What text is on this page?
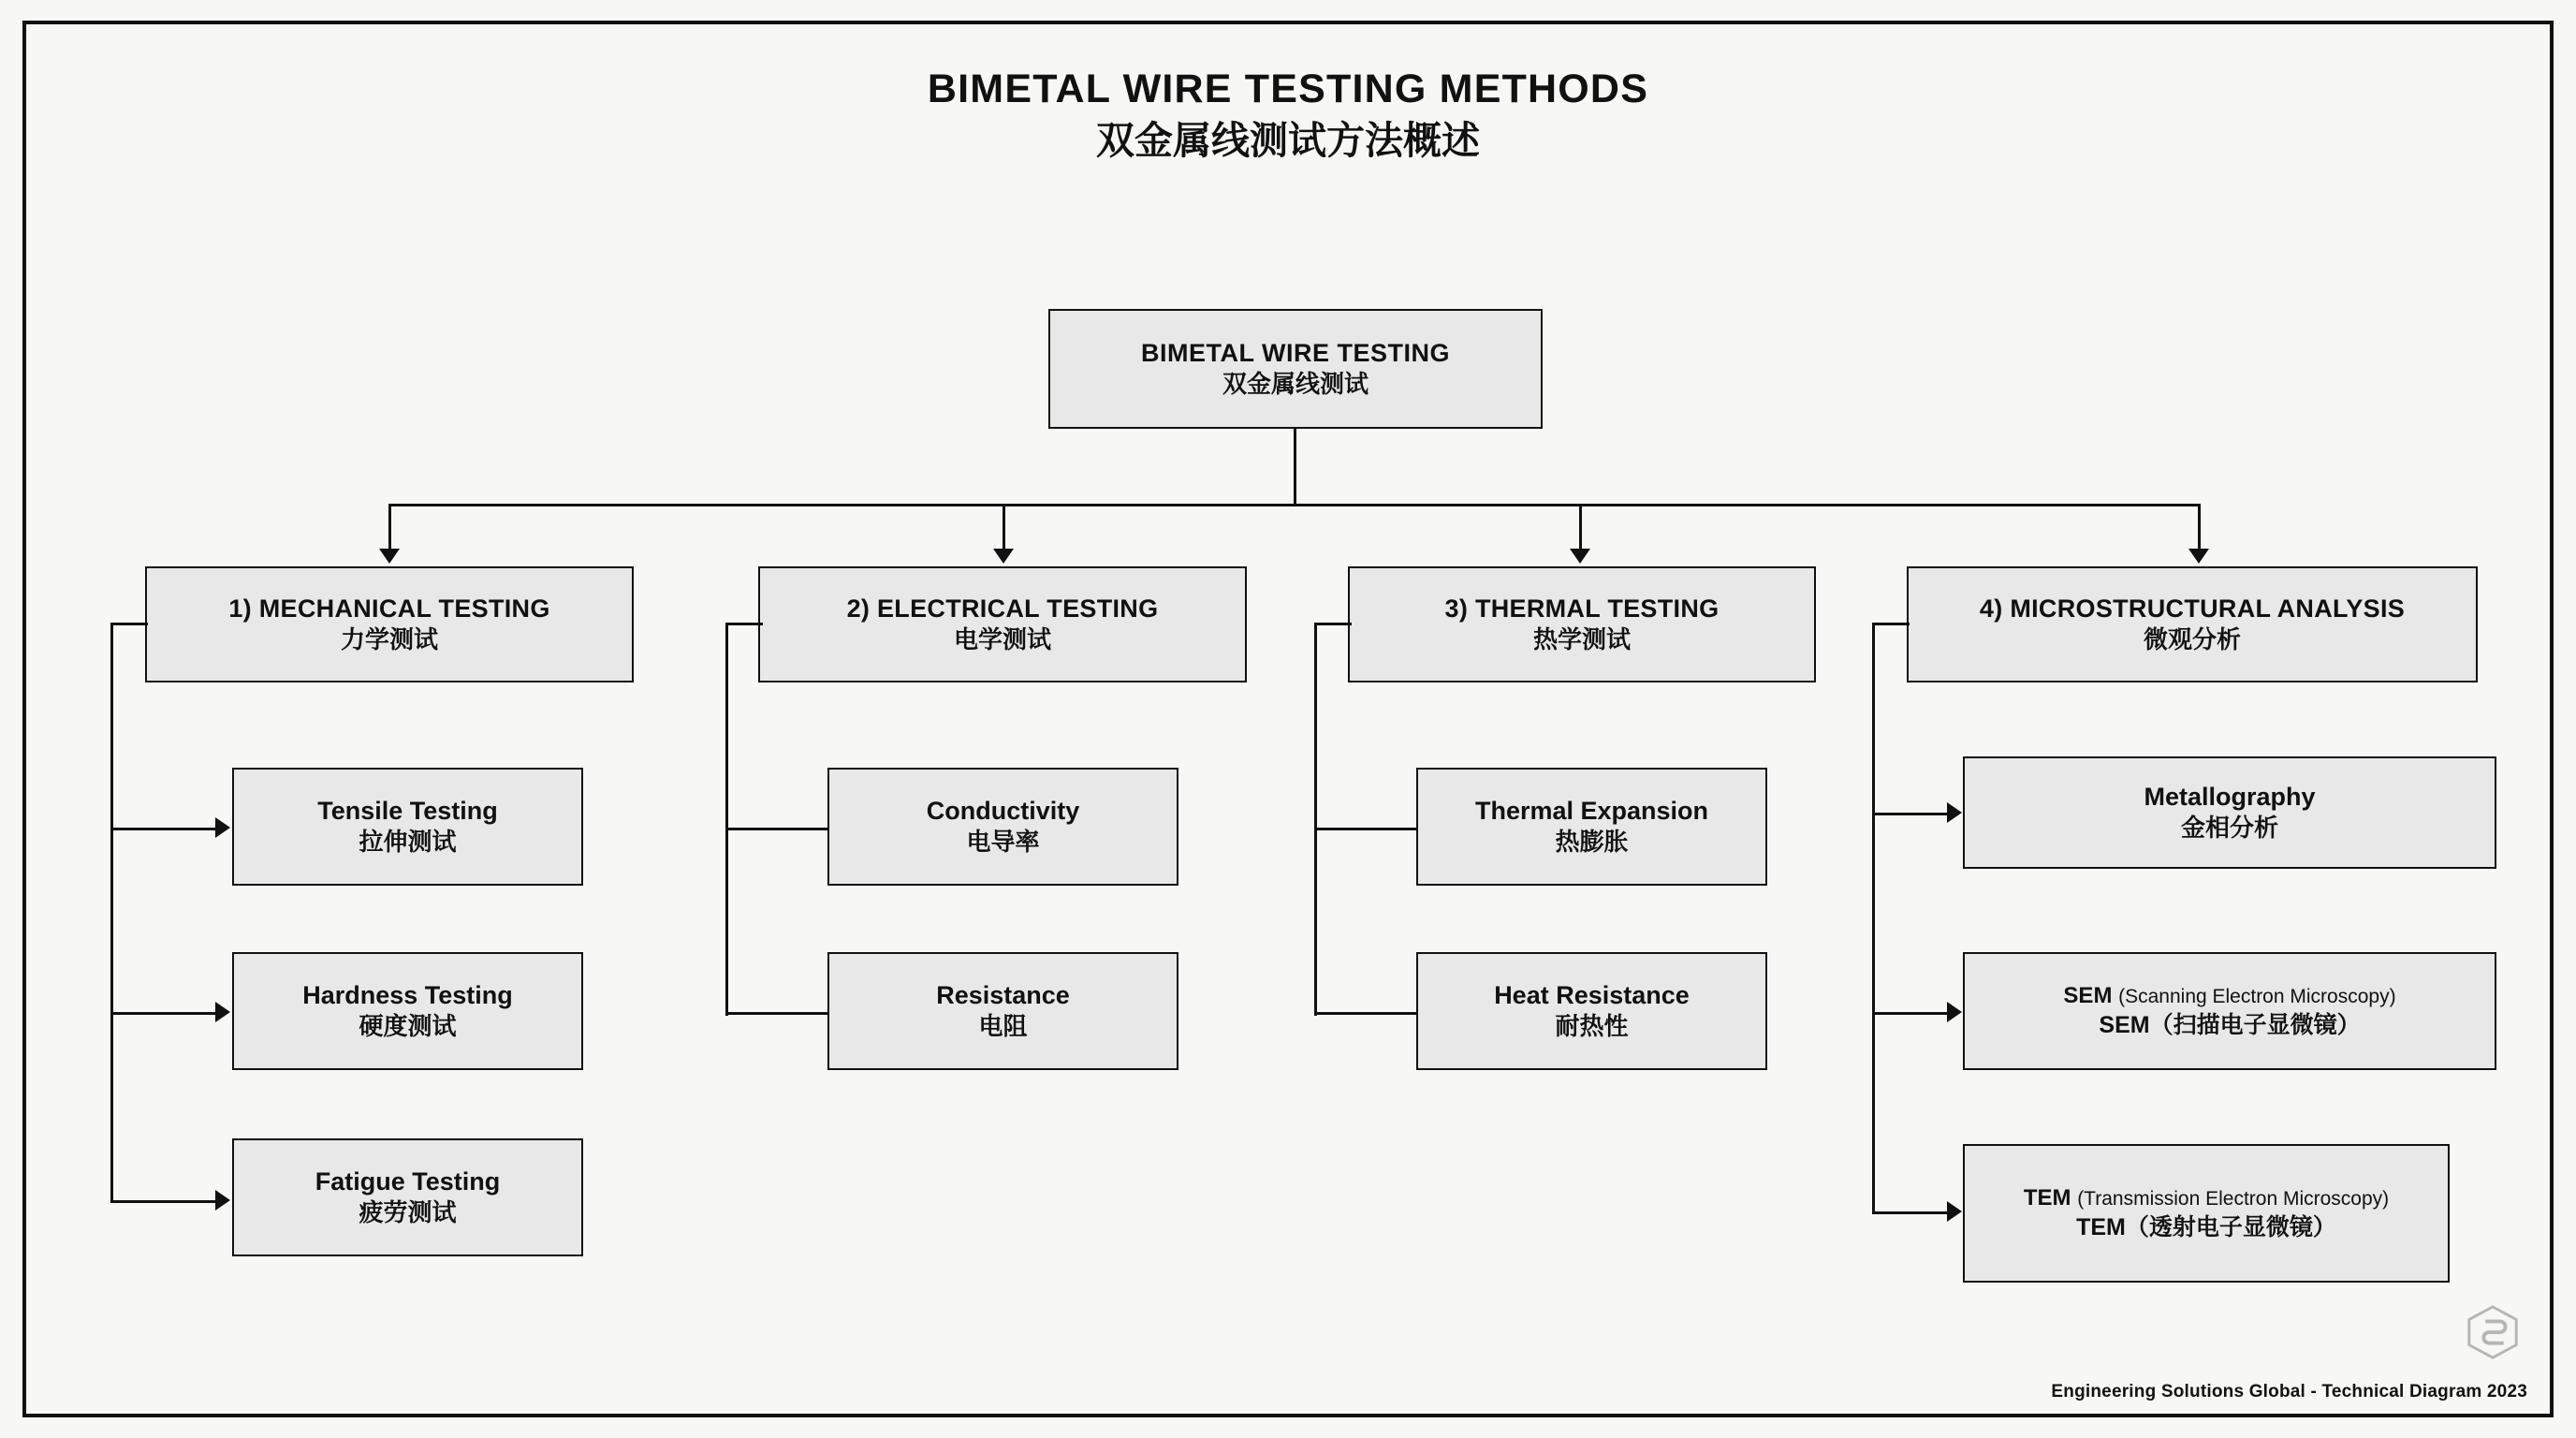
BIMETAL WIRE TESTING METHODS
双金属线测试方法概述
BIMETAL WIRE TESTING
双金属线测试
1) MECHANICAL TESTING
力学测试
Tensile Testing
拉伸测试
Hardness Testing
硬度测试
Fatigue Testing
疲劳测试
2) ELECTRICAL TESTING
电学测试
Conductivity
电导率
Resistance
电阻
3) THERMAL TESTING
热学测试
Thermal Expansion
热膨胀
Heat Resistance
耐热性
4) MICROSTRUCTURAL ANALYSIS
微观分析
Metallography
金相分析
SEM (Scanning Electron Microscopy)
SEM（扫描电子显微镜）
TEM (Transmission Electron Microscopy)
TEM（透射电子显微镜）
Engineering Solutions Global - Technical Diagram 2023
